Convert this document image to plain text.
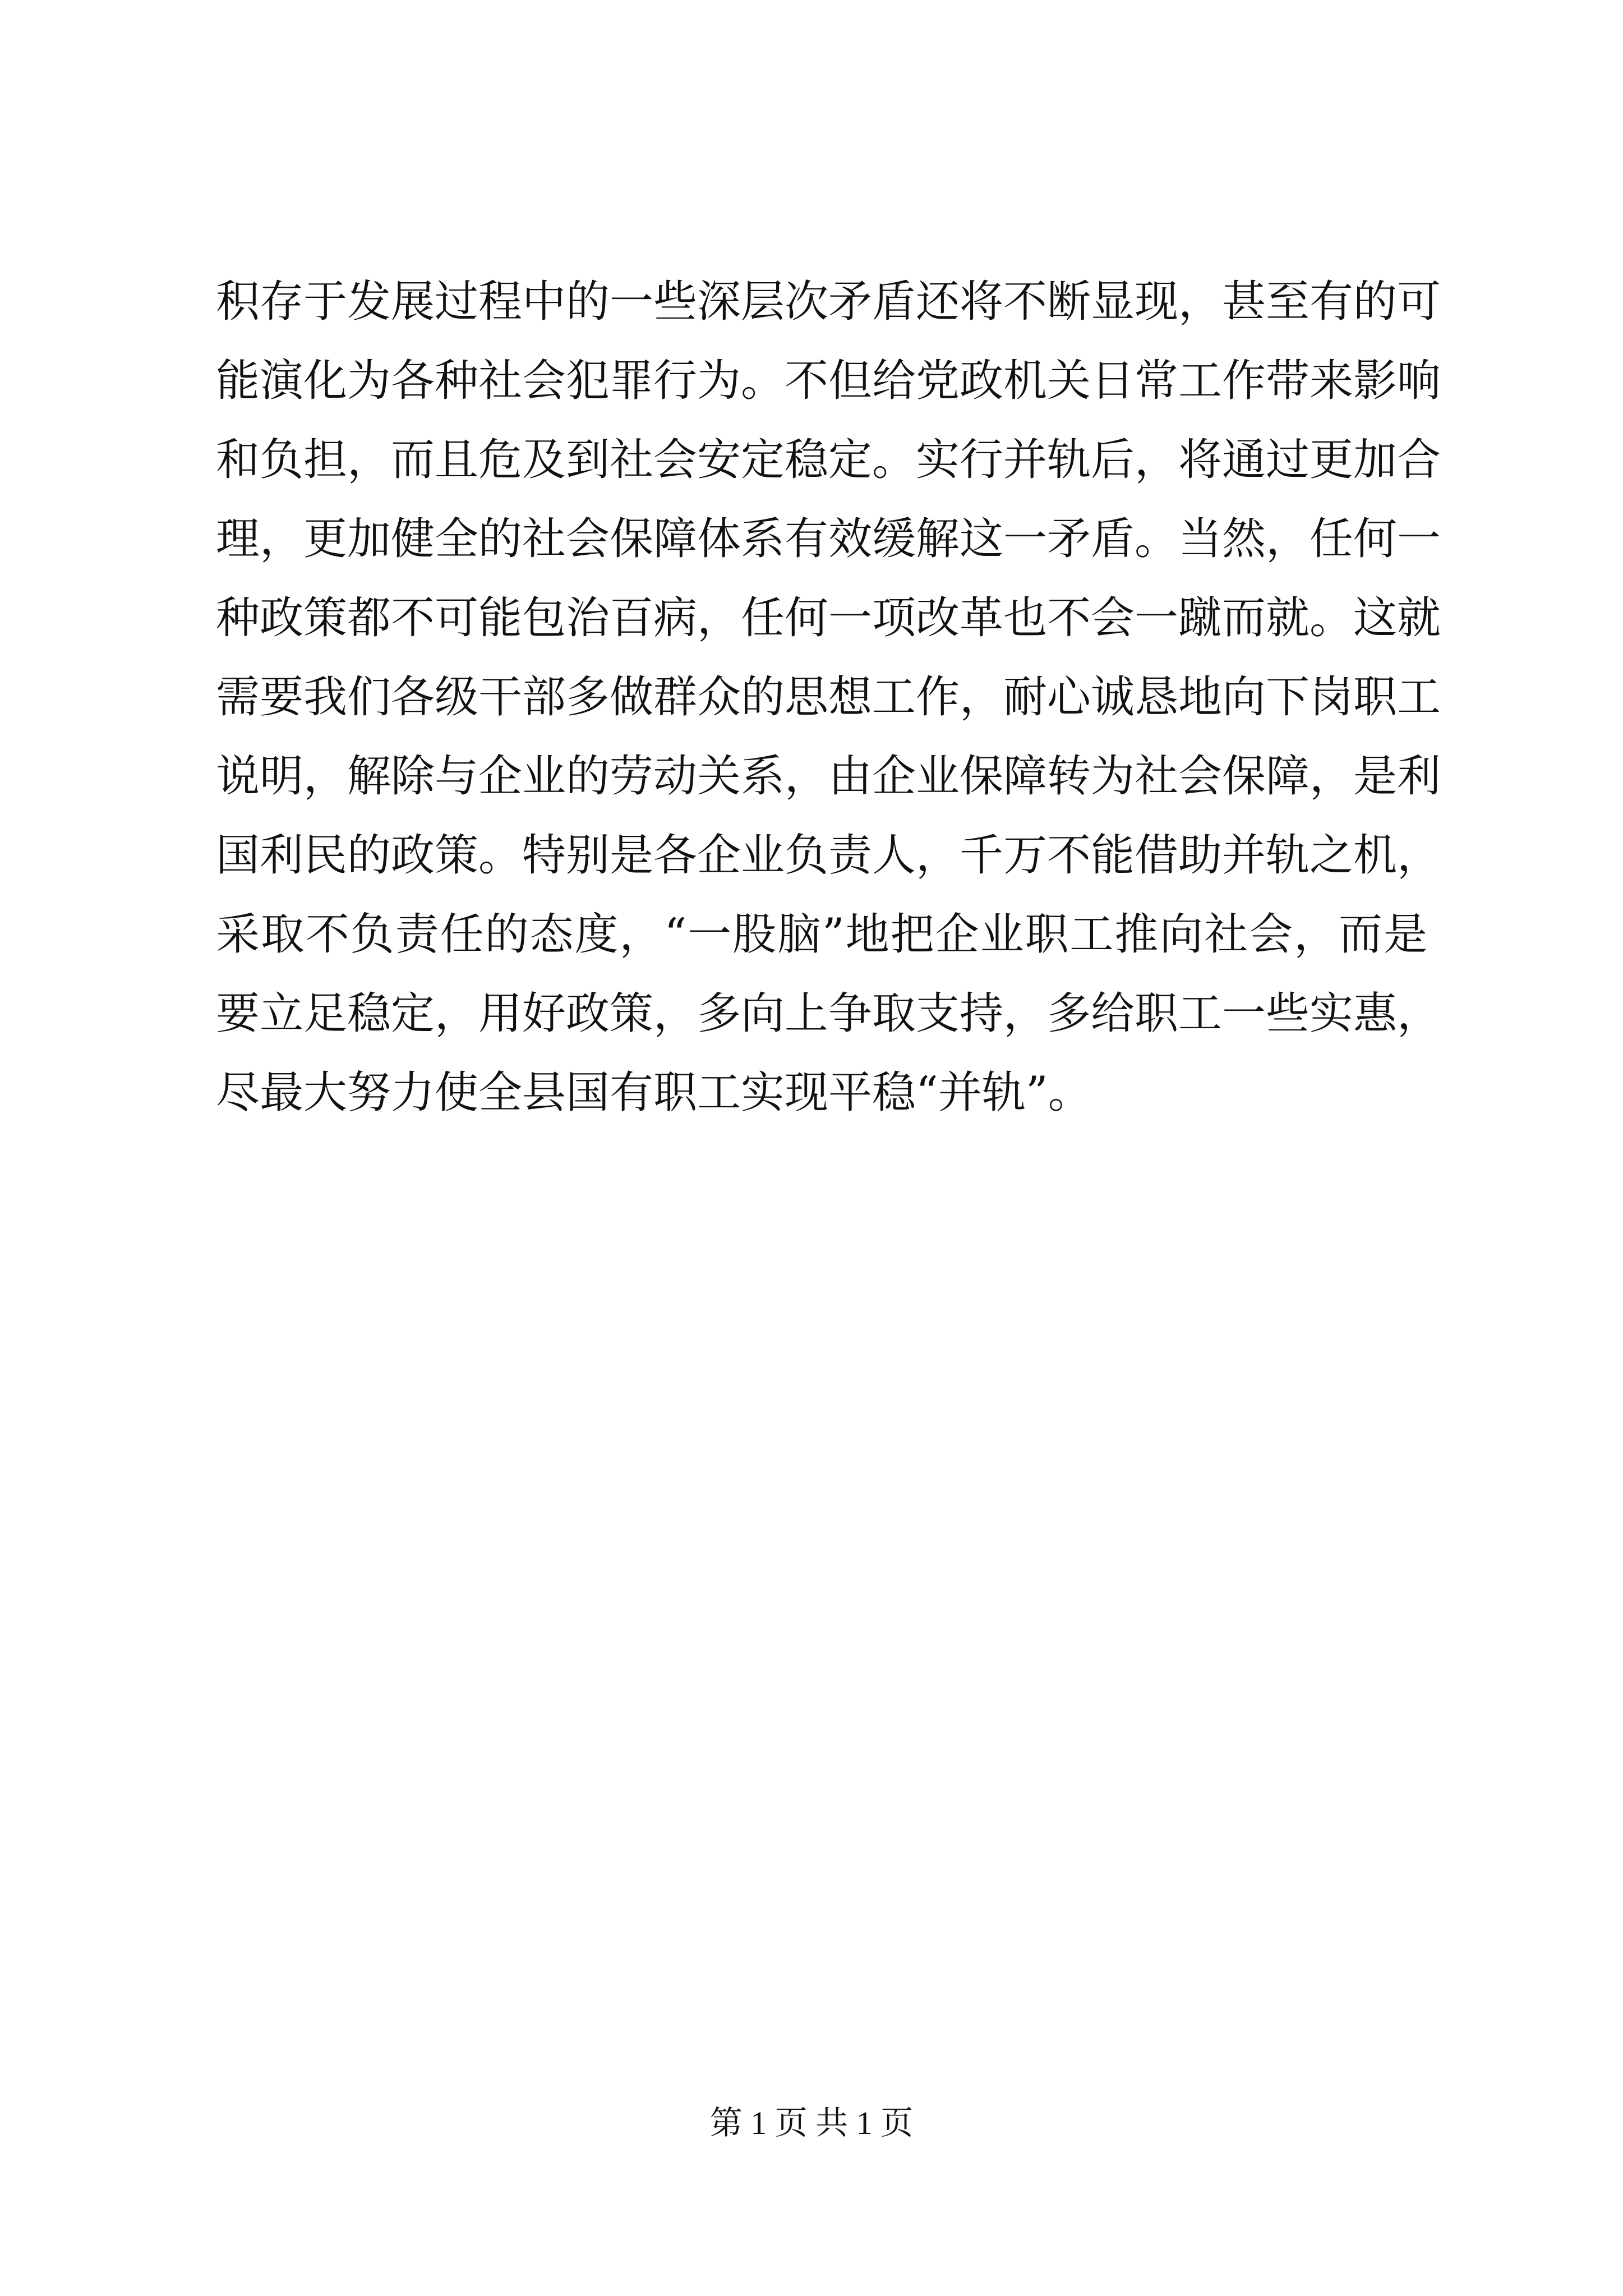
积存于发展过程中的一些深层次矛盾还将不断显现，甚至有的可
能演化为各种社会犯罪行为。不但给党政机关日常工作带来影响
和负担，而且危及到社会安定稳定。实行并轨后，将通过更加合
理，更加健全的社会保障体系有效缓解这一矛盾。当然，任何一
种政策都不可能包治百病，任何一项改革也不会一蹴而就。这就
需要我们各级干部多做群众的思想工作，耐心诚恳地向下岗职工
说明，解除与企业的劳动关系，由企业保障转为社会保障，是利
国利民的政策。特别是各企业负责人，千万不能借助并轨之机，
采取不负责任的态度，“一股脑”地把企业职工推向社会，而是
要立足稳定，用好政策，多向上争取支持，多给职工一些实惠，
尽最大努力使全县国有职工实现平稳“并轨”。
第 1 页 共 1 页
